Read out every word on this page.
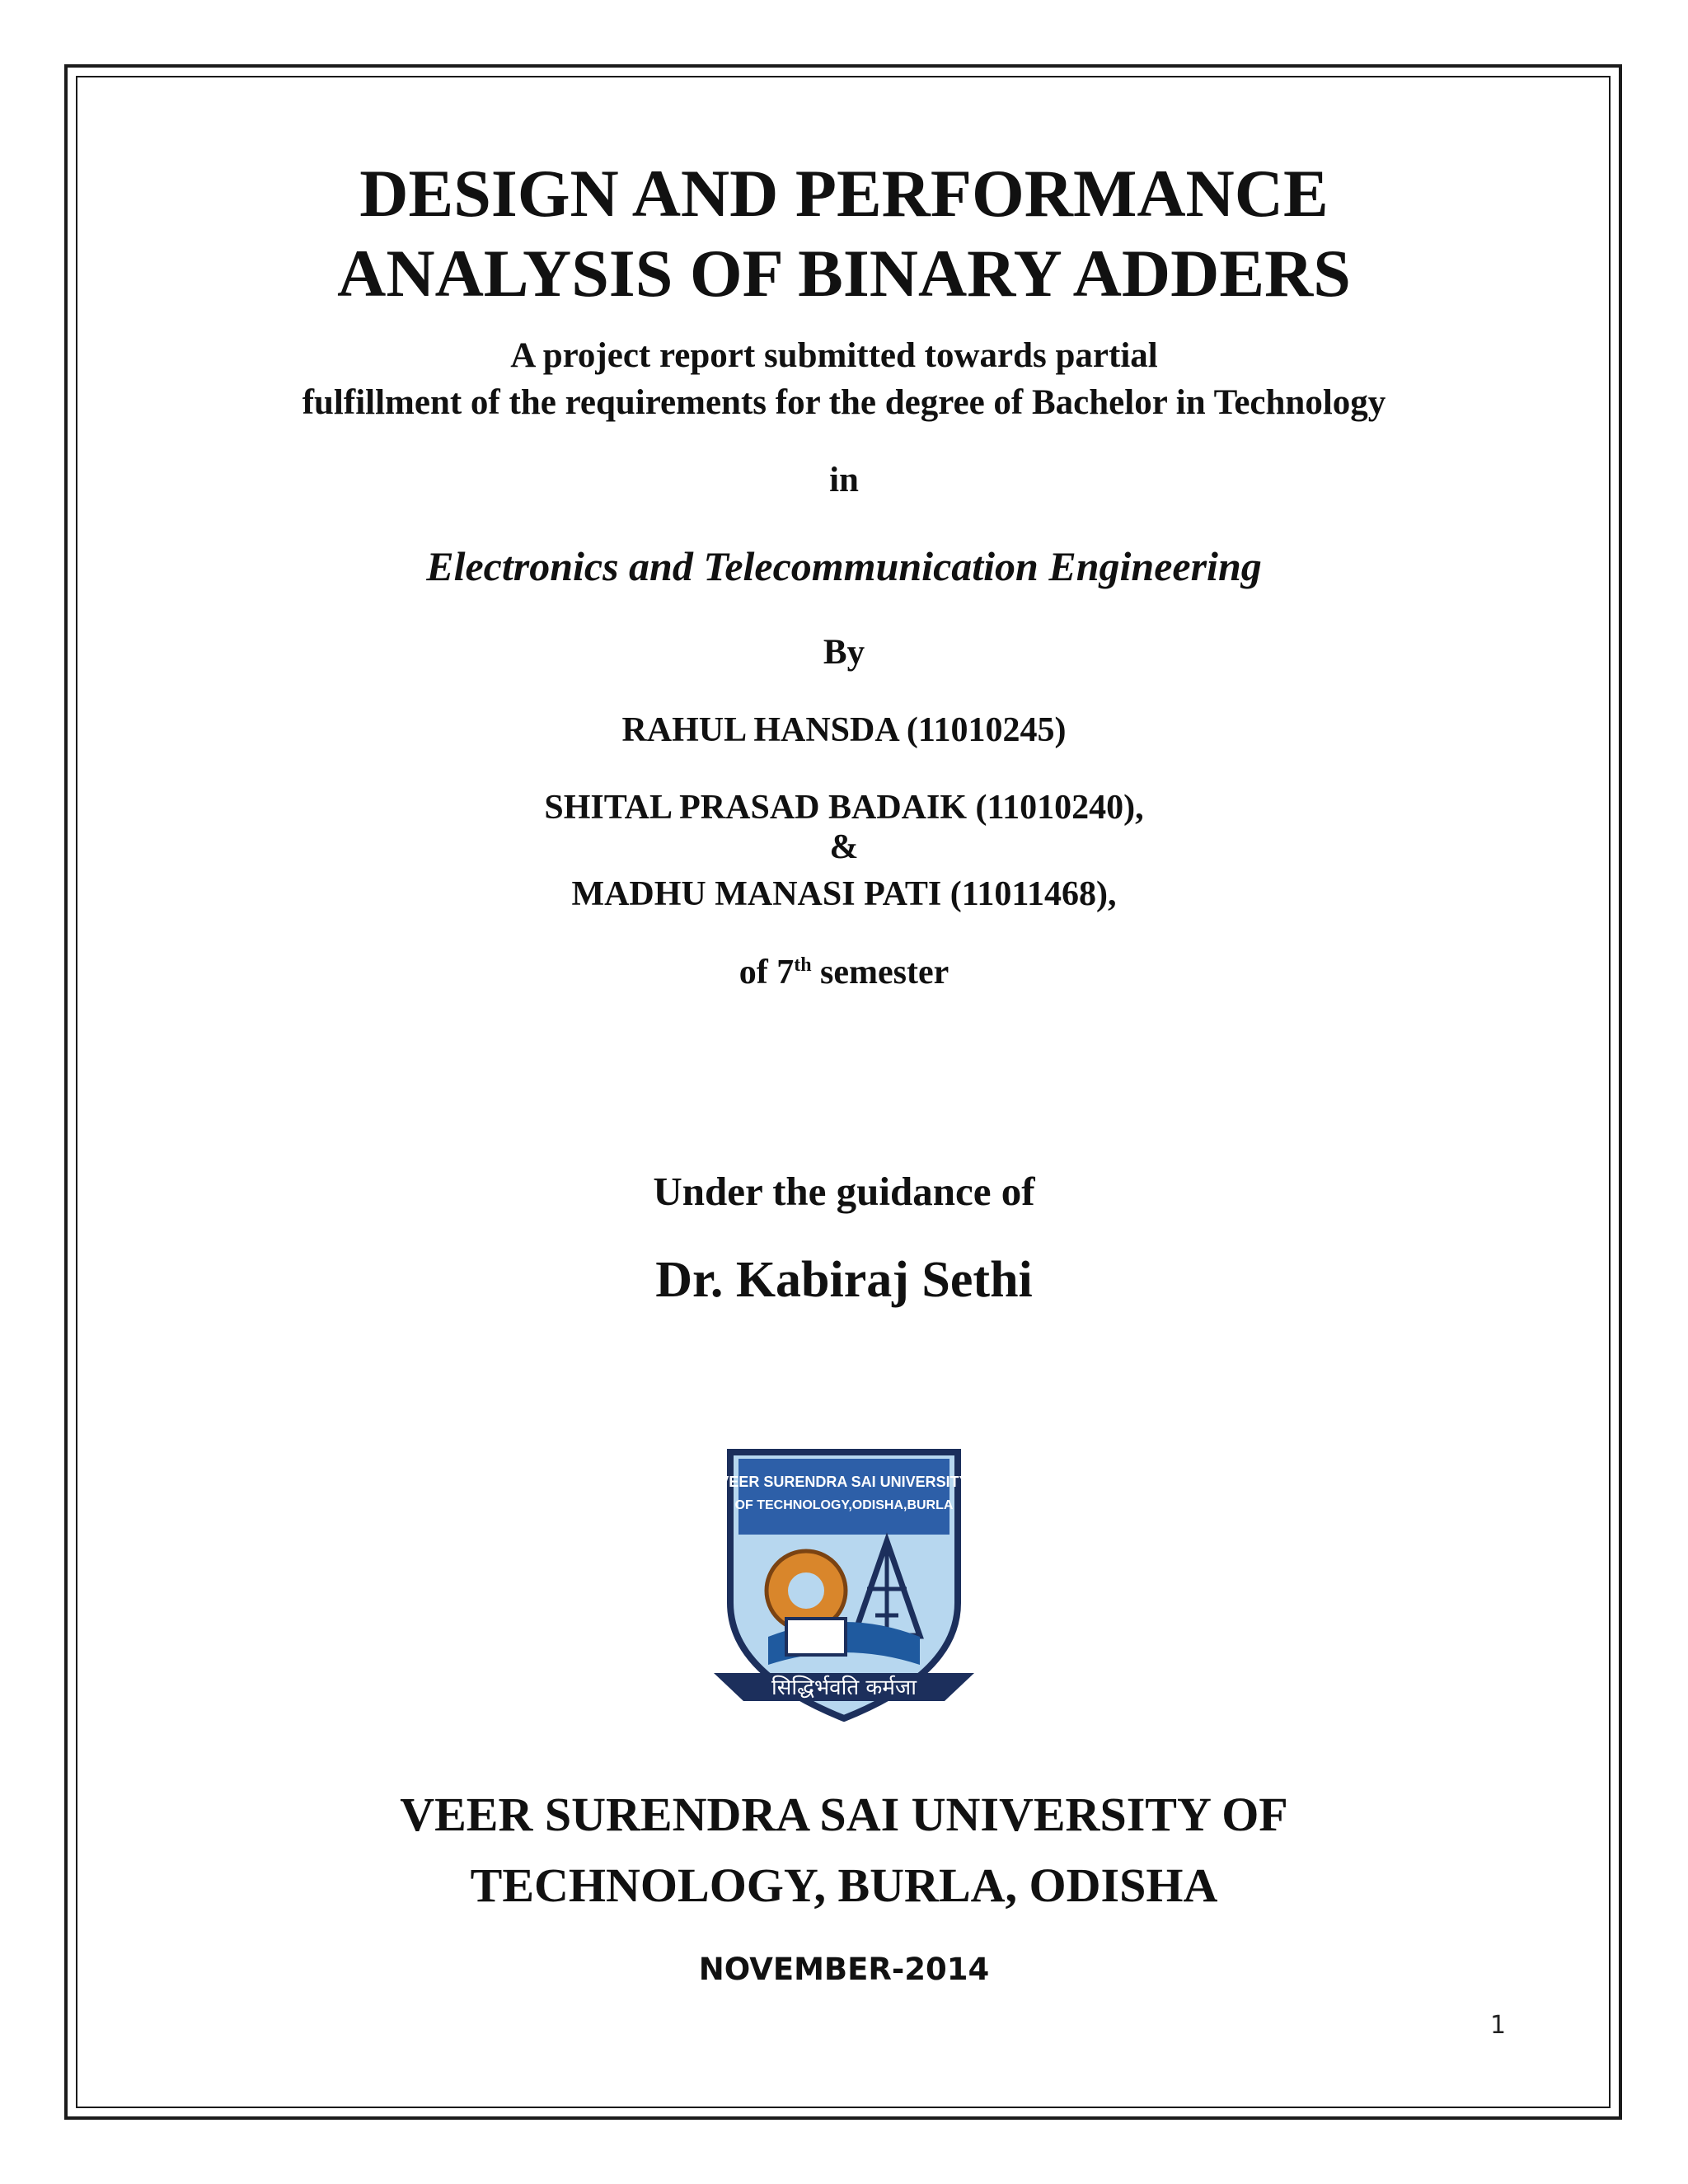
DESIGN AND PERFORMANCE
ANALYSIS OF BINARY ADDERS
A project report submitted towards partial
fulfillment of the requirements for the degree of Bachelor in Technology
in
Electronics and Telecommunication Engineering
By
RAHUL HANSDA (11010245)
SHITAL PRASAD BADAIK (11010240),
&
MADHU MANASI PATI (11011468),
of 7th semester
Under the guidance of
Dr. Kabiraj Sethi
VEER SURENDRA SAI UNIVERSITY
OF TECHNOLOGY,ODISHA,BURLA
सिद्धिर्भवति कर्मजा
VEER SURENDRA SAI UNIVERSITY OF
TECHNOLOGY, BURLA, ODISHA
NOVEMBER-2014
1
